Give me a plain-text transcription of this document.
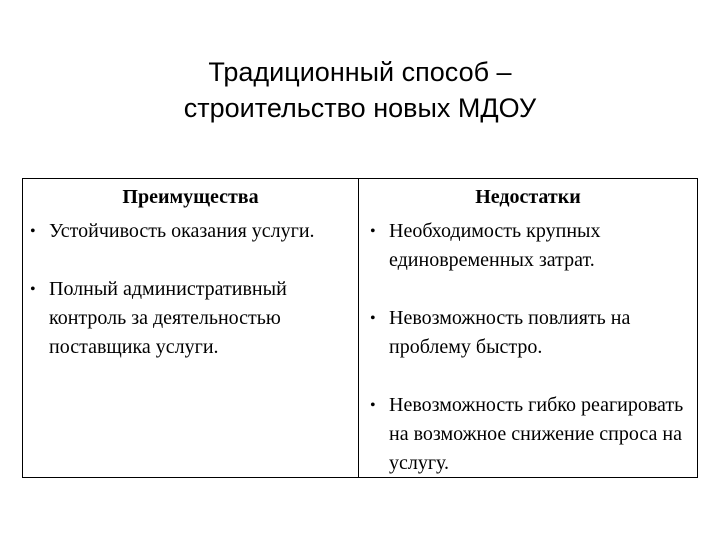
Традиционный способ –
строительство новых МДОУ
Преимущества
• Устойчивость оказания услуги.
• Полный административный контроль за деятельностью поставщика услуги.
Недостатки
• Необходимость крупных единовременных затрат.
• Невозможность повлиять на проблему быстро.
• Невозможность гибко реагировать на возможное снижение спроса на услугу.
